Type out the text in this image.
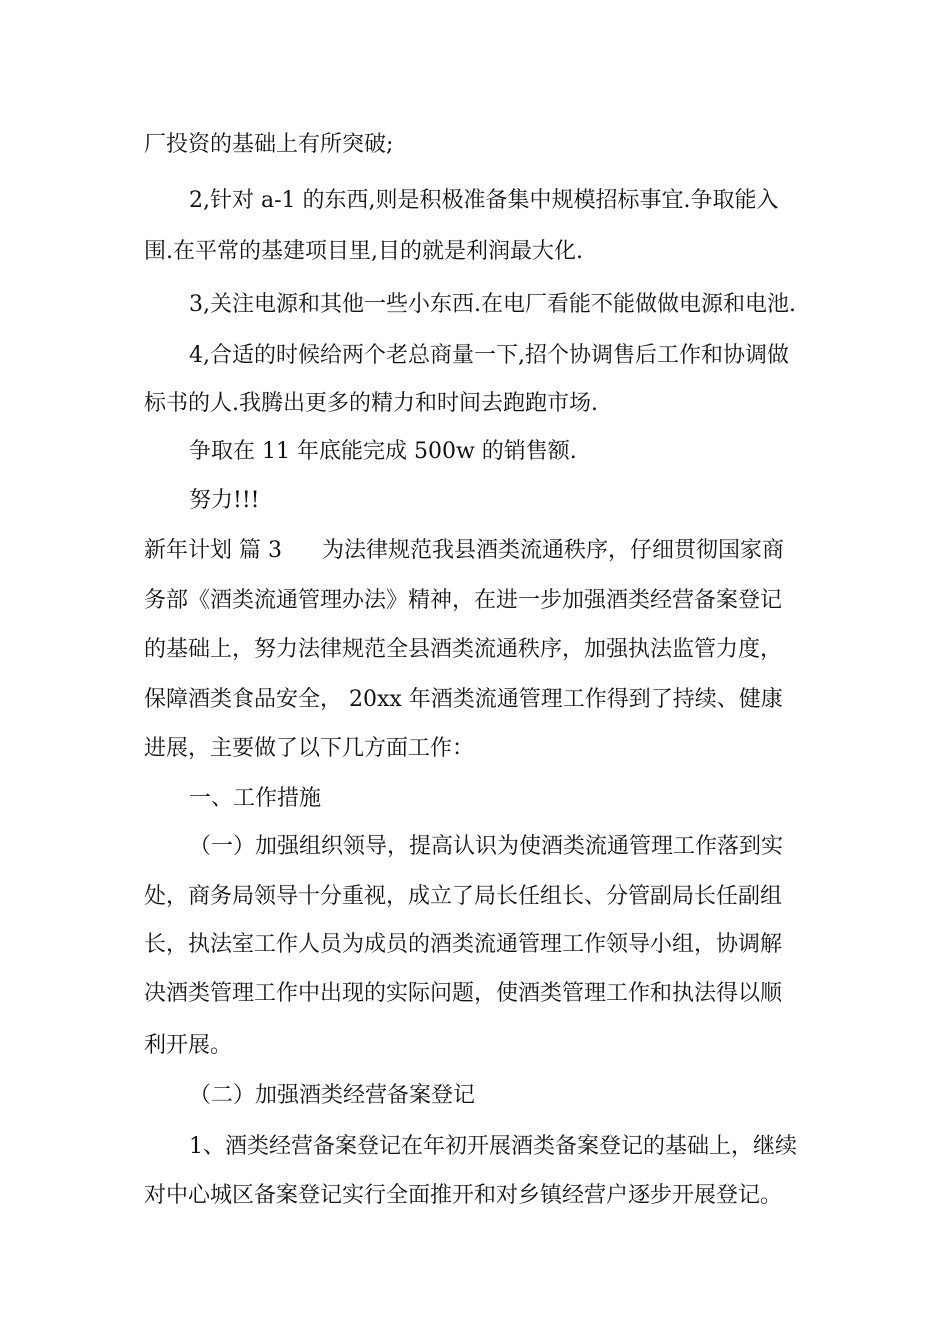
厂投资的基础上有所突破;
2,针对 a-1 的东西,则是积极准备集中规模招标事宜.争取能入
围.在平常的基建项目里,目的就是利润最大化.
3,关注电源和其他一些小东西.在电厂看能不能做做电源和电池.
4,合适的时候给两个老总商量一下,招个协调售后工作和协调做
标书的人.我腾出更多的精力和时间去跑跑市场.
争取在 11 年底能完成 500w 的销售额.
努力!!!
新年计划 篇 3 为法律规范我县酒类流通秩序，仔细贯彻国家商
务部《酒类流通管理办法》精神，在进一步加强酒类经营备案登记
的基础上，努力法律规范全县酒类流通秩序，加强执法监管力度，
保障酒类食品安全， 20xx 年酒类流通管理工作得到了持续、健康
进展，主要做了以下几方面工作：
一、工作措施
（一）加强组织领导，提高认识为使酒类流通管理工作落到实
处，商务局领导十分重视，成立了局长任组长、分管副局长任副组
长，执法室工作人员为成员的酒类流通管理工作领导小组，协调解
决酒类管理工作中出现的实际问题，使酒类管理工作和执法得以顺
利开展。
（二）加强酒类经营备案登记
1、酒类经营备案登记在年初开展酒类备案登记的基础上，继续
对中心城区备案登记实行全面推开和对乡镇经营户逐步开展登记。
